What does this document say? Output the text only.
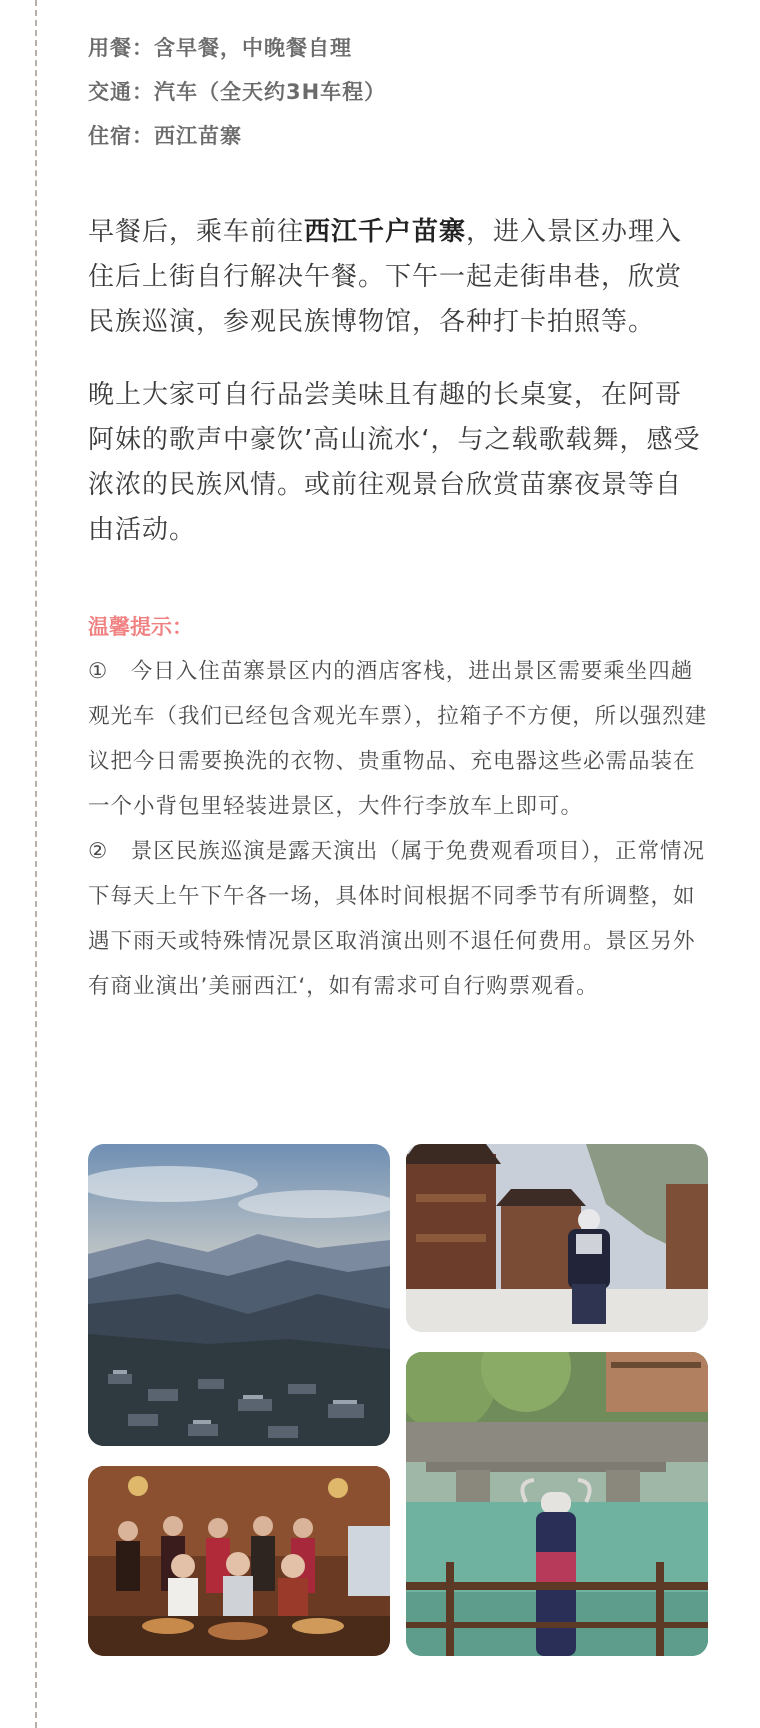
用餐：含早餐，中晚餐自理
交通：汽车（全天约3H车程）
住宿：西江苗寨

早餐后，乘车前往西江千户苗寨，进入景区办理入住后上街自行解决午餐。下午一起走街串巷，欣赏民族巡演，参观民族博物馆，各种打卡拍照等。

晚上大家可自行品尝美味且有趣的长桌宴，在阿哥阿妹的歌声中豪饮’高山流水‘，与之载歌载舞，感受浓浓的民族风情。或前往观景台欣赏苗寨夜景等自由活动。

温馨提示：
①　今日入住苗寨景区内的酒店客栈，进出景区需要乘坐四趟观光车（我们已经包含观光车票），拉箱子不方便，所以强烈建议把今日需要换洗的衣物、贵重物品、充电器这些必需品装在一个小背包里轻装进景区，大件行李放车上即可。
②　景区民族巡演是露天演出（属于免费观看项目），正常情况下每天上午下午各一场，具体时间根据不同季节有所调整，如遇下雨天或特殊情况景区取消演出则不退任何费用。景区另外有商业演出’美丽西江‘，如有需求可自行购票观看。
